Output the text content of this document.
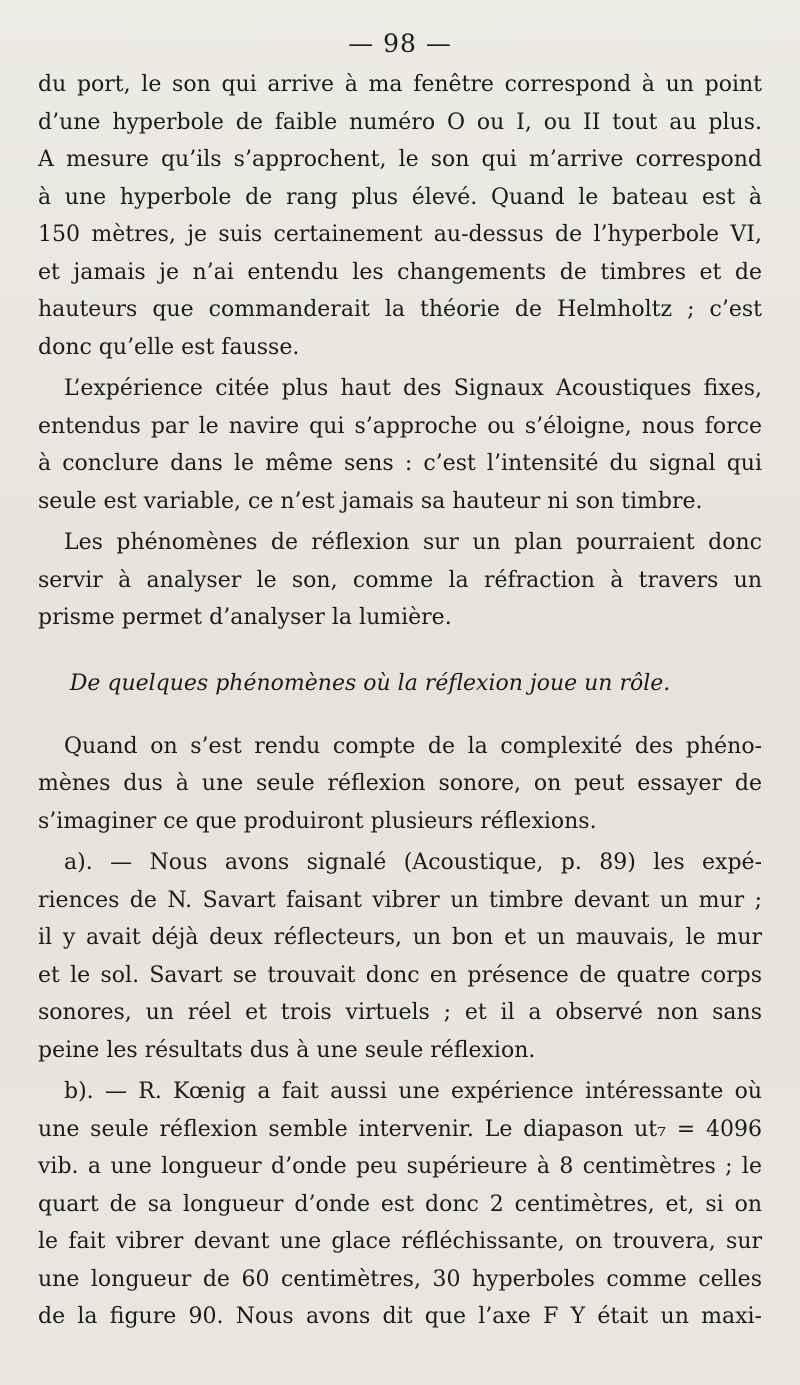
— 98 —
du port, le son qui arrive à ma fenêtre correspond à un point
d’une hyperbole de faible numéro O ou I, ou II tout au plus.
A mesure qu’ils s’approchent, le son qui m’arrive correspond
à une hyperbole de rang plus élevé. Quand le bateau est à
150 mètres, je suis certainement au-dessus de l’hyperbole VI,
et jamais je n’ai entendu les changements de timbres et de
hauteurs que commanderait la théorie de Helmholtz ; c’est
donc qu’elle est fausse.
L’expérience citée plus haut des Signaux Acoustiques fixes,
entendus par le navire qui s’approche ou s’éloigne, nous force
à conclure dans le même sens : c’est l’intensité du signal qui
seule est variable, ce n’est jamais sa hauteur ni son timbre.
Les phénomènes de réflexion sur un plan pourraient donc
servir à analyser le son, comme la réfraction à travers un
prisme permet d’analyser la lumière.
De quelques phénomènes où la réflexion joue un rôle.
Quand on s’est rendu compte de la complexité des phéno-
mènes dus à une seule réflexion sonore, on peut essayer de
s’imaginer ce que produiront plusieurs réflexions.
a). — Nous avons signalé (Acoustique, p. 89) les expé-
riences de N. Savart faisant vibrer un timbre devant un mur ;
il y avait déjà deux réflecteurs, un bon et un mauvais, le mur
et le sol. Savart se trouvait donc en présence de quatre corps
sonores, un réel et trois virtuels ; et il a observé non sans
peine les résultats dus à une seule réflexion.
b). — R. Kœnig a fait aussi une expérience intéressante où
une seule réflexion semble intervenir. Le diapason ut₇ = 4096
vib. a une longueur d’onde peu supérieure à 8 centimètres ; le
quart de sa longueur d’onde est donc 2 centimètres, et, si on
le fait vibrer devant une glace réfléchissante, on trouvera, sur
une longueur de 60 centimètres, 30 hyperboles comme celles
de la figure 90. Nous avons dit que l’axe F Y était un maxi-
